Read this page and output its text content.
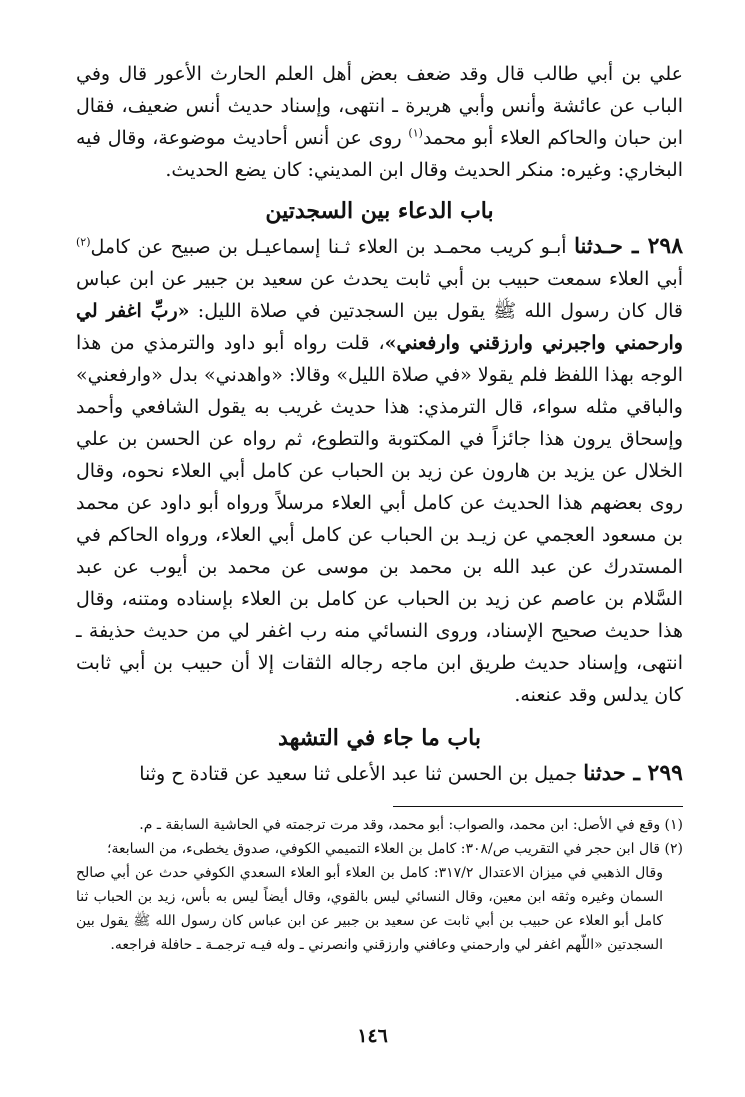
علي بن أبي طالب قال وقد ضعف بعض أهل العلم الحارث الأعور قال وفي الباب عن عائشة وأنس وأبي هريرة ـ انتهى، وإسناد حديث أنس ضعيف، فقال ابن حبان والحاكم العلاء أبو محمد$^{(١)}$ روى عن أنس أحاديث موضوعة، وقال فيه البخاري: وغيره: منكر الحديث وقال ابن المديني: كان يضع الحديث.

باب الدعاء بين السجدتين

٢٩٨ ـ حـدثنا أبـو كريب محمـد بن العلاء ثـنا إسماعيـل بن صبيح عن كامل$^{(٢)}$ أبي العلاء سمعت حبيب بن أبي ثابت يحدث عن سعيد بن جبير عن ابن عباس قال كان رسول الله ﷺ يقول بين السجدتين في صلاة الليل: «ربِّ اغفر لي وارحمني واجبرني وارزقني وارفعني»، قلت رواه أبو داود والترمذي من هذا الوجه بهذا اللفظ فلم يقولا «في صلاة الليل» وقالا: «واهدني» بدل «وارفعني» والباقي مثله سواء، قال الترمذي: هذا حديث غريب به يقول الشافعي وأحمد وإسحاق يرون هذا جائزاً في المكتوبة والتطوع، ثم رواه عن الحسن بن علي الخلال عن يزيد بن هارون عن زيد بن الحباب عن كامل أبي العلاء نحوه، وقال روى بعضهم هذا الحديث عن كامل أبي العلاء مرسلاً ورواه أبو داود عن محمد بن مسعود العجمي عن زيـد بن الحباب عن كامل أبي العلاء، ورواه الحاكم في المستدرك عن عبد الله بن محمد بن موسى عن محمد بن أيوب عن عبد السَّلام بن عاصم عن زيد بن الحباب عن كامل بن العلاء بإسناده ومتنه، وقال هذا حديث صحيح الإسناد، وروى النسائي منه رب اغفر لي من حديث حذيفة ـ انتهى، وإسناد حديث طريق ابن ماجه رجاله الثقات إلا أن حبيب بن أبي ثابت كان يدلس وقد عنعنه.

باب ما جاء في التشهد

٢٩٩ ـ حدثنا جميل بن الحسن ثنا عبد الأعلى ثنا سعيد عن قتادة ح وثنا

(١) وقع في الأصل: ابن محمد، والصواب: أبو محمد، وقد مرت ترجمته في الحاشية السابقة ـ م.

(٢) قال ابن حجر في التقريب ص/٣٠٨: كامل بن العلاء التميمي الكوفي، صدوق يخطىء، من السابعة؛

وقال الذهبي في ميزان الاعتدال ٣١٧/٢: كامل بن العلاء أبو العلاء السعدي الكوفي حدث عن أبي صالح السمان وغيره وثقه ابن معين، وقال النسائي ليس بالقوي، وقال أيضاً ليس به بأس، زيد بن الحباب ثنا كامل أبو العلاء عن حبيب بن أبي ثابت عن سعيد بن جبير عن ابن عباس كان رسول الله ﷺ يقول بين السجدتين «اللّهم اغفر لي وارحمني وعافني وارزقني وانصرني ـ وله فيـه ترجمـة ـ حافلة فراجعه.

١٤٦
